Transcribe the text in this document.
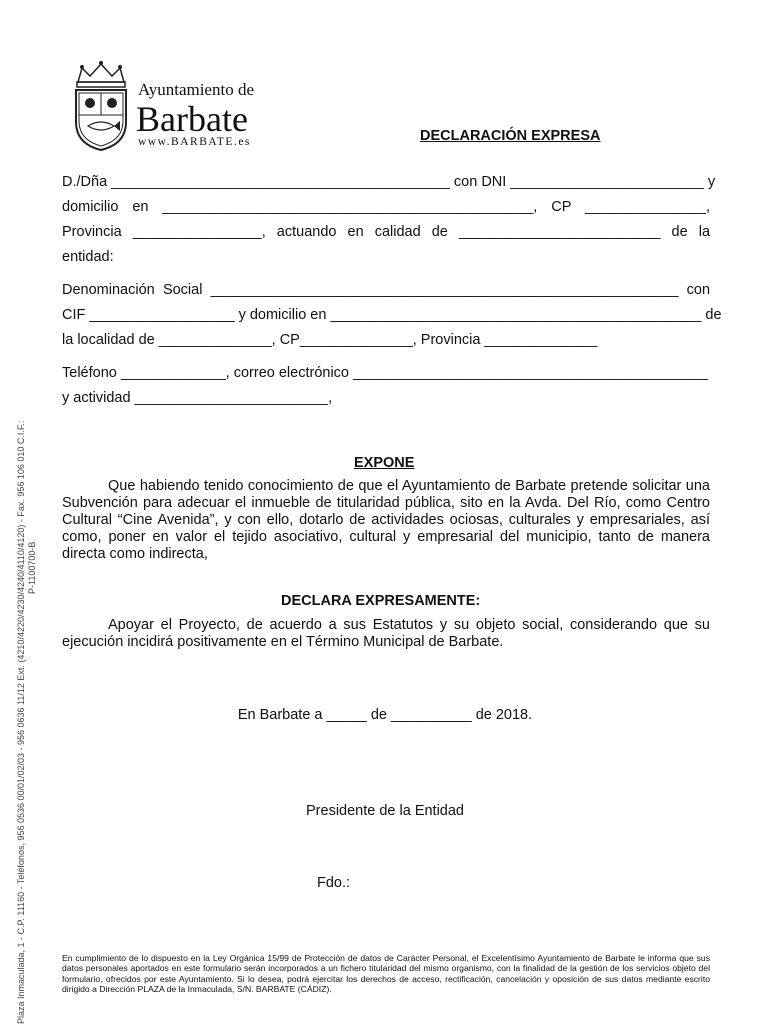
Plaza Inmaculada, 1 - C.P. 11160 - Teléfonos, 956 0536 00/01/02/03 - 956 0636 11/12 Ext. (4210/4220/4230/4240/4110/4120) - Fax. 956 106 010 C.I.F.: P-1100700-B
Ayuntamiento de
Barbate
www.BARBATE.es	DECLARACIÓN EXPRESA
D./Dña __________________________________________ con DNI ________________________ y
domicilio en ______________________________________________, CP _______________,
Provincia ________________, actuando en calidad de _________________________ de la
entidad:
Denominación Social __________________________________________________________ con
CIF __________________ y domicilio en ______________________________________________ de
la localidad de ______________, CP______________, Provincia ______________
Teléfono _____________, correo electrónico ____________________________________________
y actividad ________________________,
EXPONE
Que habiendo tenido conocimiento de que el Ayuntamiento de Barbate pretende solicitar una Subvención para adecuar el inmueble de titularidad pública, sito en la Avda. Del Río, como Centro Cultural “Cine Avenida”, y con ello, dotarlo de actividades ociosas, culturales y empresariales, así como, poner en valor el tejido asociativo, cultural y empresarial del municipio, tanto de manera directa como indirecta,
DECLARA EXPRESAMENTE:
Apoyar el Proyecto, de acuerdo a sus Estatutos y su objeto social, considerando que su ejecución incidirá positivamente en el Término Municipal de Barbate.
En Barbate a _____ de __________ de 2018.
Presidente de la Entidad
Fdo.:
En cumplimiento de lo dispuesto en la Ley Orgánica 15/99 de Protección de datos de Carácter Personal, el Excelentísimo Ayuntamiento de Barbate le informa que sus datos personales aportados en este formulario serán incorporados a un fichero titularidad del mismo organismo, con la finalidad de la gestión de los servicios objeto del formulario, ofrecidos por este Ayuntamiento. Si lo desea, podrá ejercitar los derechos de acceso, rectificación, cancelación y oposición de sus datos mediante escrito dirigido a Dirección PLAZA de la Inmaculada, S/N. BARBATE (CÁDIZ).
